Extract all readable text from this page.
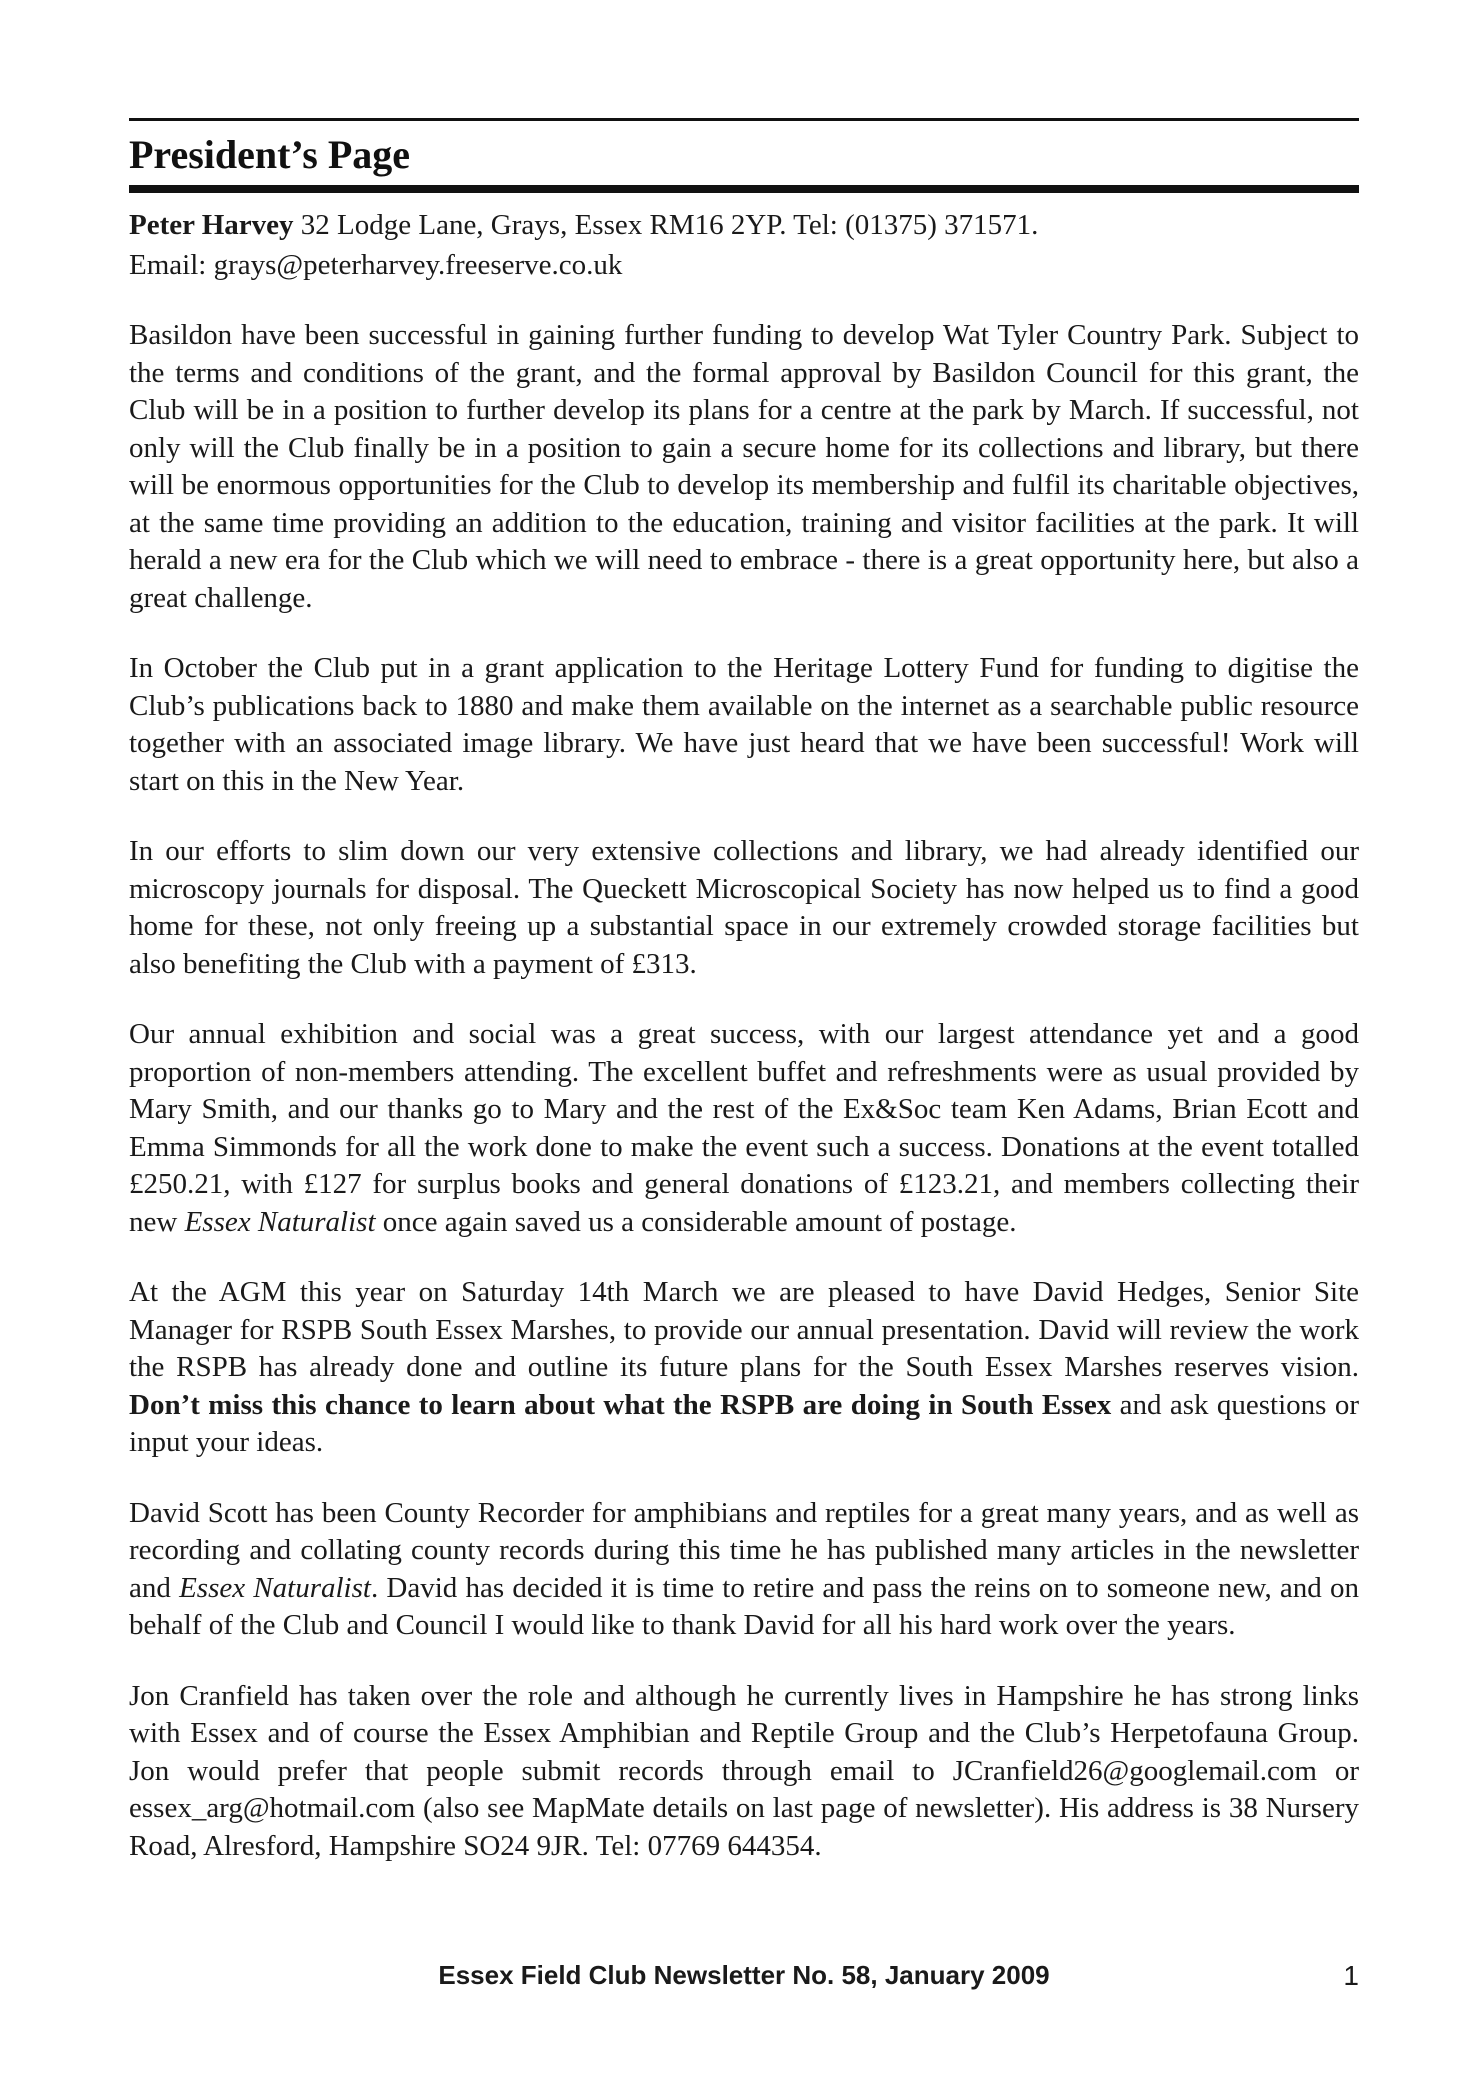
President’s Page
Peter Harvey 32 Lodge Lane, Grays, Essex RM16 2YP. Tel: (01375) 371571.
Email: grays@peterharvey.freeserve.co.uk

Basildon have been successful in gaining further funding to develop Wat Tyler Country Park. Subject to the terms and conditions of the grant, and the formal approval by Basildon Council for this grant, the Club will be in a position to further develop its plans for a centre at the park by March. If successful, not only will the Club finally be in a position to gain a secure home for its collections and library, but there will be enormous opportunities for the Club to develop its membership and fulfil its charitable objectives, at the same time providing an addition to the education, training and visitor facilities at the park. It will herald a new era for the Club which we will need to embrace - there is a great opportunity here, but also a great challenge.

In October the Club put in a grant application to the Heritage Lottery Fund for funding to digitise the Club’s publications back to 1880 and make them available on the internet as a searchable public resource together with an associated image library. We have just heard that we have been successful! Work will start on this in the New Year.

In our efforts to slim down our very extensive collections and library, we had already identified our microscopy journals for disposal. The Queckett Microscopical Society has now helped us to find a good home for these, not only freeing up a substantial space in our extremely crowded storage facilities but also benefiting the Club with a payment of £313.

Our annual exhibition and social was a great success, with our largest attendance yet and a good proportion of non-members attending. The excellent buffet and refreshments were as usual provided by Mary Smith, and our thanks go to Mary and the rest of the Ex&Soc team Ken Adams, Brian Ecott and Emma Simmonds for all the work done to make the event such a success. Donations at the event totalled £250.21, with £127 for surplus books and general donations of £123.21, and members collecting their new Essex Naturalist once again saved us a considerable amount of postage.

At the AGM this year on Saturday 14th March we are pleased to have David Hedges, Senior Site Manager for RSPB South Essex Marshes, to provide our annual presentation. David will review the work the RSPB has already done and outline its future plans for the South Essex Marshes reserves vision. Don’t miss this chance to learn about what the RSPB are doing in South Essex and ask questions or input your ideas.

David Scott has been County Recorder for amphibians and reptiles for a great many years, and as well as recording and collating county records during this time he has published many articles in the newsletter and Essex Naturalist. David has decided it is time to retire and pass the reins on to someone new, and on behalf of the Club and Council I would like to thank David for all his hard work over the years.

Jon Cranfield has taken over the role and although he currently lives in Hampshire he has strong links with Essex and of course the Essex Amphibian and Reptile Group and the Club’s Herpetofauna Group. Jon would prefer that people submit records through email to JCranfield26@googlemail.com or essex_arg@hotmail.com (also see MapMate details on last page of newsletter). His address is 38 Nursery Road, Alresford, Hampshire SO24 9JR. Tel: 07769 644354.

Essex Field Club Newsletter No. 58, January 2009	1
